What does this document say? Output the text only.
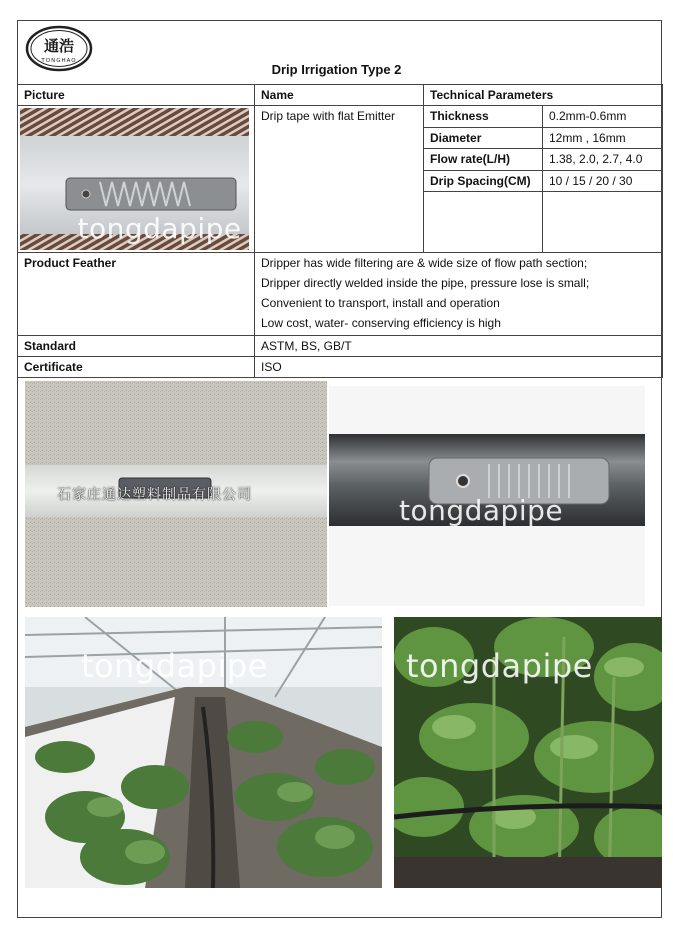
通浩
TONGHAO
Drip Irrigation Type 2
Picture	Name	Technical Parameters	

tongdapipe	Drip tape with flat Emitter	Thickness	0.2mm-0.6mm
		Diameter	12mm , 16mm
		Flow rate(L/H)	1.38, 2.0, 2.7, 4.0
		Drip Spacing(CM)	10 / 15 / 20 / 30

Product Feather	Dripper has wide filtering are & wide size of flow path section;
Dripper directly welded inside the pipe, pressure lose is small;
Convenient to transport, install and operation
Low cost, water- conserving efficiency is high		

Standard	ASTM, BS, GB/T		
Certificate	ISO		
石家庄通达塑料制品有限公司	tongdapipe
tongdapipe	tongdapipe
